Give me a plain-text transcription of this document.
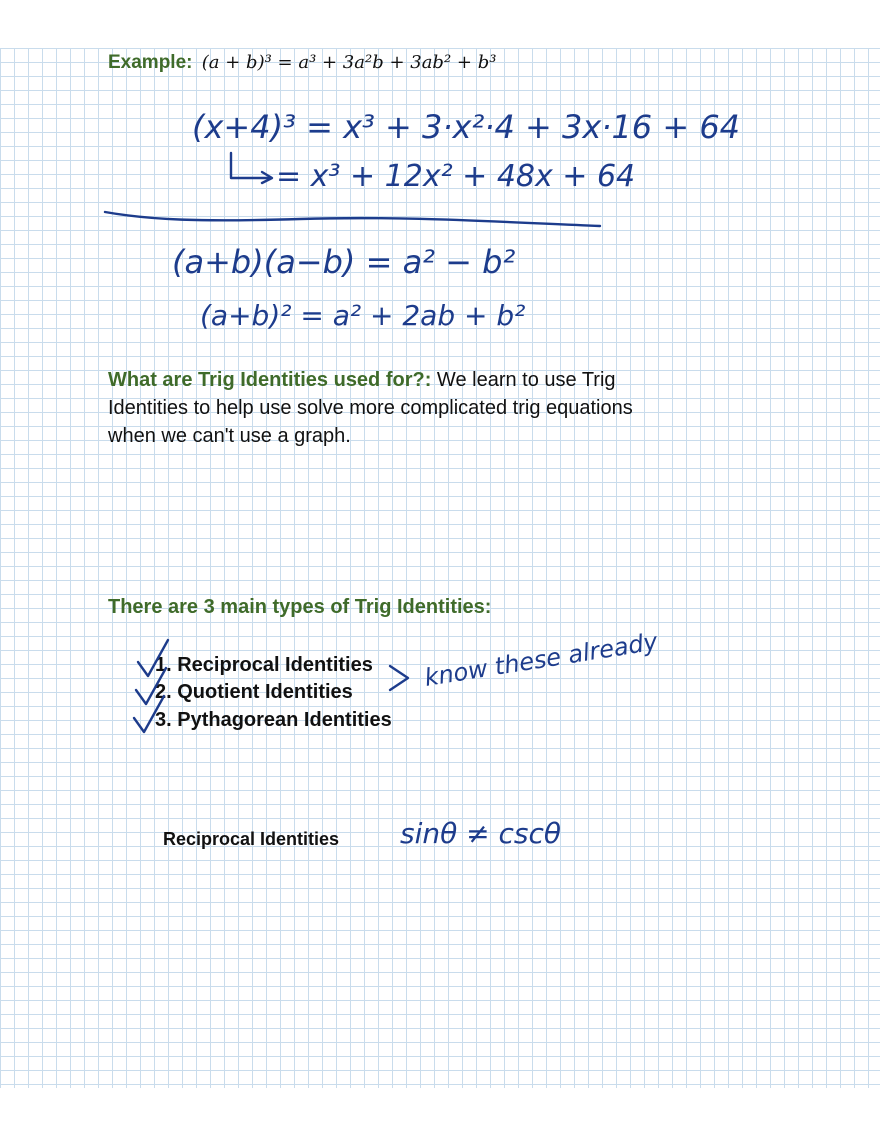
Example: (a + b)³ = a³ + 3a²b + 3ab² + b³
What are Trig Identities used for?: We learn to use Trig Identities to help use solve more complicated trig equations when we can't use a graph.
There are 3 main types of Trig Identities:
1. Reciprocal Identities
2. Quotient Identities
3. Pythagorean Identities
Reciprocal Identities
(x+4)³ = x³ + 3·x²·4 + 3x·16 + 64
= x³ + 12x² + 48x + 64
(a+b)(a−b) = a² − b²
(a+b)² = a² + 2ab + b²
know these already
sinθ ≠ cscθ
